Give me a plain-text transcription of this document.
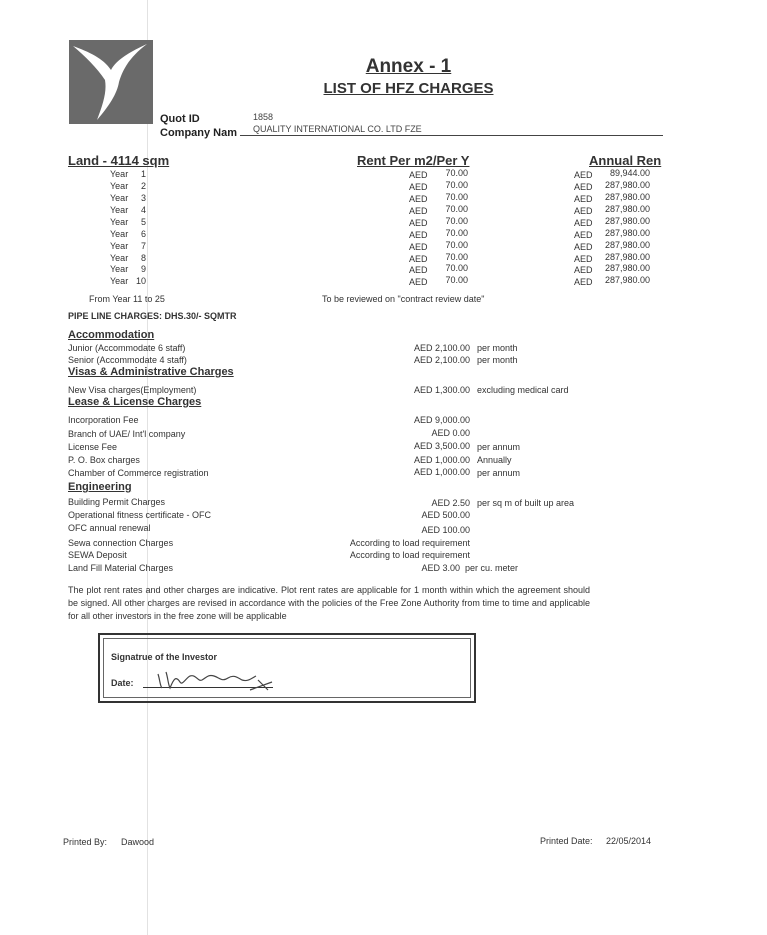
Annex - 1
LIST OF HFZ CHARGES
Quot ID	1858
Company Nam QUALITY INTERNATIONAL CO. LTD FZE
Land - 4114 sqm	Rent Per m2/Per Y	Annual Ren
Year	1	AED	70.00	AED	89,944.00
Year	2	AED	70.00	AED	287,980.00
Year	3	AED	70.00	AED	287,980.00
Year	4	AED	70.00	AED	287,980.00
Year	5	AED	70.00	AED	287,980.00
Year	6	AED	70.00	AED	287,980.00
Year	7	AED	70.00	AED	287,980.00
Year	8	AED	70.00	AED	287,980.00
Year	9	AED	70.00	AED	287,980.00
Year 10	AED	70.00	AED	287,980.00
From Year 11 to 25	To be reviewed on "contract review date"
PIPE LINE CHARGES: DHS.30/- SQMTR
Accommodation
Junior (Accommodate 6 staff)	AED 2,100.00 per month
Senior (Accommodate 4 staff)	AED 2,100.00 per month
Visas & Administrative Charges
New Visa charges(Employment)	AED 1,300.00 excluding medical card
Lease & License Charges
Incorporation Fee	AED 9,000.00
Branch of UAE/ Int'l company	AED 0.00
License Fee	AED 3,500.00 per annum
P. O. Box charges	AED 1,000.00 Annually
Chamber of Commerce registration	AED 1,000.00 per annum
Engineering
Building Permit Charges	AED 2.50 per sq m of built up area
Operational fitness certificate - OFC	AED 500.00
OFC annual renewal	AED 100.00
Sewa connection Charges	According to load requirement
SEWA Deposit	According to load requirement
Land Fill Material Charges	AED 3.00 per cu. meter
The plot rent rates and other charges are indicative. Plot rent rates are applicable for 1 month within which the agreement should be signed. All other charges are revised in accordance with the policies of the Free Zone Authority from time to time and applicable for all other investors in the free zone will be applicable
Signatrue of the Investor
Date:
Printed By: Dawood	Printed Date: 22/05/2014
